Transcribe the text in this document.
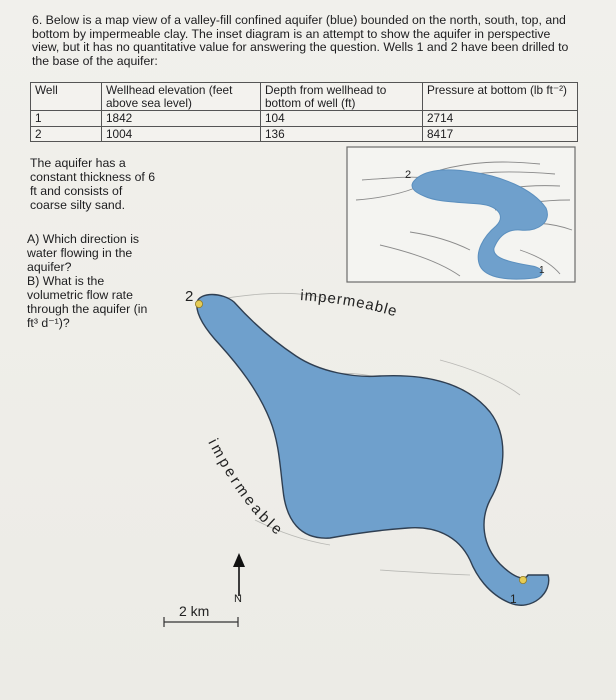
6. Below is a map view of a valley-fill confined aquifer (blue) bounded on the north, south, top, and bottom by impermeable clay. The inset diagram is an attempt to show the aquifer in perspective view, but it has no quantitative value for answering the question. Wells 1 and 2 have been drilled to the base of the aquifer:
Well	Wellhead elevation (feet above sea level)	Depth from wellhead to bottom of well (ft)	Pressure at bottom (lb ft⁻²)
1	1842	104	2714
2	1004	136	8417
The aquifer has a constant thickness of 6 ft and consists of coarse silty sand.
A) Which direction is water flowing in the aquifer?
B) What is the volumetric flow rate through the aquifer (in ft³ d⁻¹)?
2
1
2
1
impermeable
impermeable
N
2 km
